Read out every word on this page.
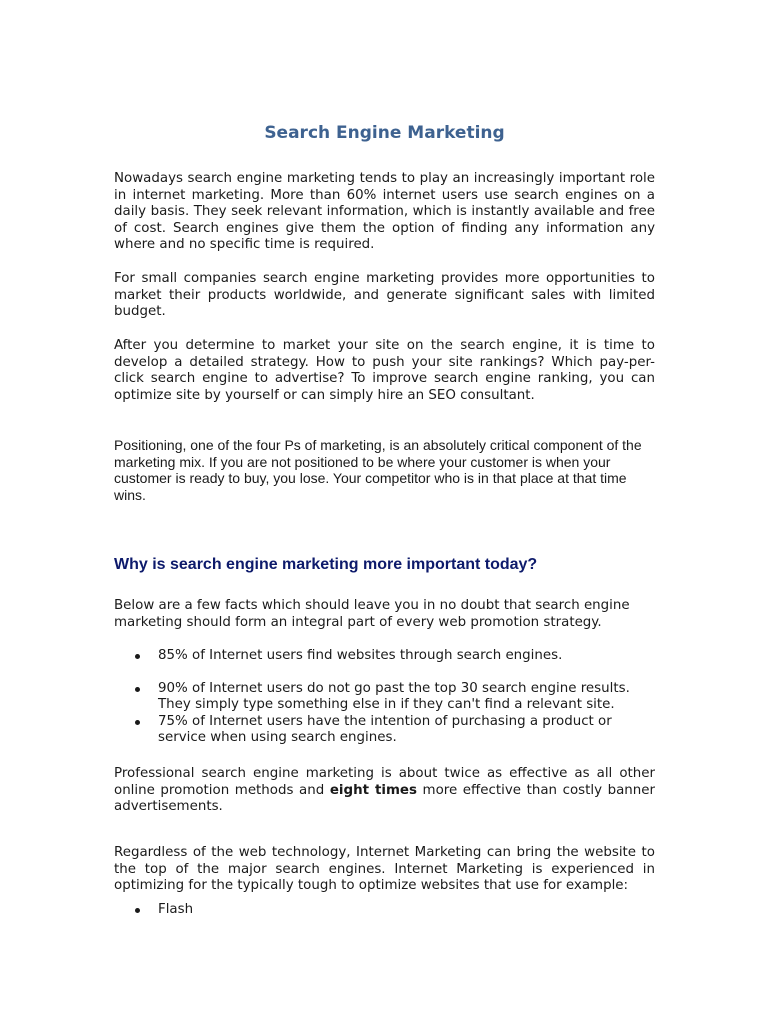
Search Engine Marketing

Nowadays search engine marketing tends to play an increasingly important role in internet marketing. More than 60% internet users use search engines on a daily basis. They seek relevant information, which is instantly available and free of cost. Search engines give them the option of finding any information any where and no specific time is required.

For small companies search engine marketing provides more opportunities to market their products worldwide, and generate significant sales with limited budget.

After you determine to market your site on the search engine, it is time to develop a detailed strategy. How to push your site rankings? Which pay-per-click search engine to advertise? To improve search engine ranking, you can optimize site by yourself or can simply hire an SEO consultant.

Positioning, one of the four Ps of marketing, is an absolutely critical component of the marketing mix. If you are not positioned to be where your customer is when your customer is ready to buy, you lose. Your competitor who is in that place at that time wins.

Why is search engine marketing more important today?

Below are a few facts which should leave you in no doubt that search engine marketing should form an integral part of every web promotion strategy.

85% of Internet users find websites through search engines.
90% of Internet users do not go past the top 30 search engine results. They simply type something else in if they can't find a relevant site.
75% of Internet users have the intention of purchasing a product or service when using search engines.

Professional search engine marketing is about twice as effective as all other online promotion methods and eight times more effective than costly banner advertisements.

Regardless of the web technology, Internet Marketing can bring the website to the top of the major search engines. Internet Marketing is experienced in optimizing for the typically tough to optimize websites that use for example:

Flash
